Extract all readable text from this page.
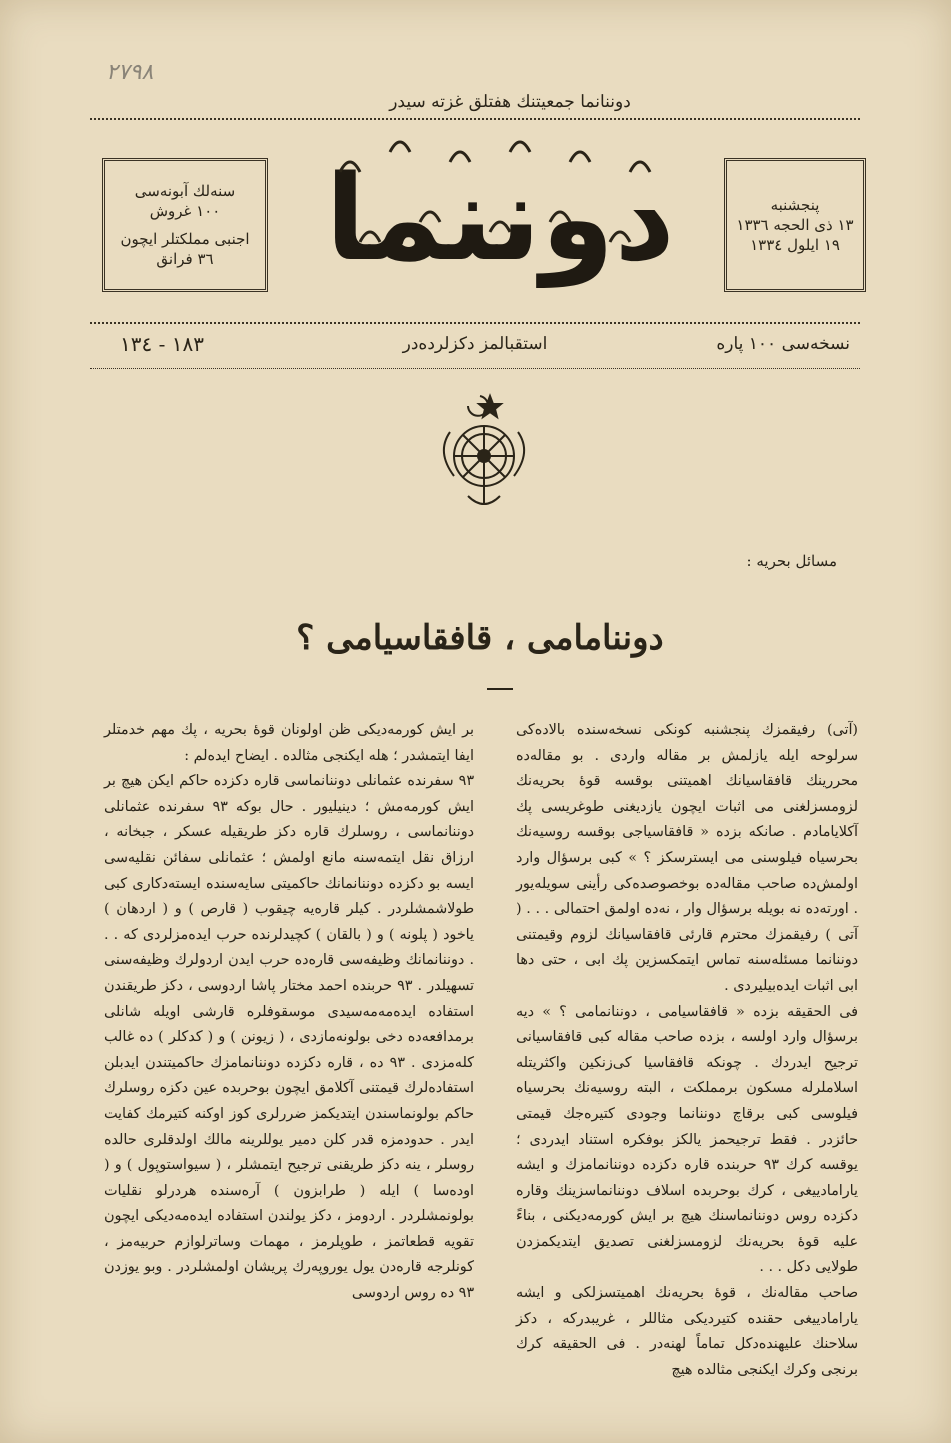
۲۷۹۸
دوننانما جمعيتنك هفتلق غزته سيدر
سنه‌لك آبونه‌سى
١٠٠ غروش
اجنبى مملكتلر ايچون
٣٦ فرانق دوننما	پنجشنبه
١٣ ذى الحجه ١٣٣٦
١٩ ايلول ١٣٣٤
نسخه‌سى ١٠٠ پاره
استقبالمز دكزلرده‌در
١٨٣ - ١٣٤
مسائل بحريه :
دوننامامى ، قافقاسيامى ؟

(آتى) رفيقمزك پنجشنبه كونكى نسخه‌سنده بالاده‌كى سرلوحه ايله يازلمش بر مقاله واردى . بو مقاله‌ده محررينك قافقاسيانك اهميتنى بوقسه قوۀ بحريه‌نك لزومسزلغنى مى اثبات ايچون يازديغنى طوغريسى پك آكلايامادم . صانكه بزده « قافقاسياجى بوقسه روسيه‌نك بحرسياه فيلوسنى مى ايسترسكز ؟ » كبى برسؤال وارد اولمش‌ده صاحب مقاله‌ده بوخصوصده‌كى رأينى سويله‌يور . اورته‌ده نه بويله برسؤال وار ، نه‌ده اولمق احتمالى . . . ( آتى ) رفيقمزك محترم قارئى قافقاسيانك لزوم وقيمتنى دوننانما مسئله‌سنه تماس ايتمكسزين پك ابى ، حتى دها ابى اثبات ايده‌بيليردى .

فى الحقيقه بزده « قافقاسيامى ، دوننانمامى ؟ » ديه برسؤال وارد اولسه ، بزده صاحب مقاله كبى قافقاسيانى ترجيح ايدردك . چونكه قافقاسيا كى‌زنكين واكثريتله اسلاملرله مسكون برمملكت ، البته روسيه‌نك بحرسياه فيلوسى كبى برقاچ دوننانما وجودى كتيره‌جك قيمتى حائزدر . فقط ترجيحمز يالكز بوفكره استناد ايدردى ؛ يوقسه كرك ٩٣ حربنده قاره دكزده دوننانمامزك و ايشه يارامادييغى ، كرك بوحربده اسلاف دوننانماسزينك وقاره دكزده روس دوننانماسنك هيچ بر ايش كورمه‌ديكنى ، بناءً عليه قوۀ بحريه‌نك لزومسزلغنى تصديق ايتديكمزدن طولايى دكل . . .

صاحب مقاله‌نك ، قوۀ بحريه‌نك اهميتسزلكى و ايشه يارامادييغى حقنده كتيرديكى مثاللر ، غريبدركه ، دكز سلاحنك عليهنده‌دكل تماماً لهنه‌در . فى الحقيقه كرك برنجى وكرك ايكنجى مثالده هيچ

بر ايش كورمه‌ديكى ظن اولونان قوۀ بحريه ، پك مهم خدمتلر ايفا ايتمشدر ؛ هله ايكنجى مثالده . ايضاح ايده‌لم :

٩٣ سفرنده عثمانلى دوننانماسى قاره دكزده حاكم ايكن هيچ بر ايش كورمه‌مش ؛ دينيليور . حال بوكه ٩٣ سفرنده عثمانلى دوننانماسى ، روسلرك قاره دكز طريقيله عسكر ، جبخانه ، ارزاق نقل ايتمه‌سنه مانع اولمش ؛ عثمانلى سفائن نقليه‌سى ايسه بو دكزده دوننانمانك حاكميتى سايه‌سنده ايسته‌دكارى كبى طولاشمشلردر . كيلر قاره‌يه چيقوب ( قارص ) و ( اردهان ) ياخود ( پلونه ) و ( بالقان ) كچيدلرنده حرب ايده‌مزلردى كه . . . دوننانمانك وظيفه‌سى قاره‌ده حرب ايدن اردولرك وظيفه‌سنى تسهيلدر . ٩٣ حربنده احمد مختار پاشا اردوسى ، دكز طريقندن استفاده ايده‌مه‌مه‌سيدى موسقوفلره قارشى اويله شانلى برمدافعه‌ده دخى بولونه‌مازدى ، ( زيونن ) و ( كدكلر ) ده غالب كله‌مزدى . ٩٣ ده ، قاره دكزده دوننانمامزك حاكميتندن ايدبلن استفاده‌لرك قيمتنى آكلامق ايچون بوحربده عين دكزه روسلرك حاكم بولونماسندن ايتديكمز ضررلرى كوز اوكنه كتيرمك كفايت ايدر . حدودمزه قدر كلن دمير يوللرينه مالك اولدقلرى حالده روسلر ، ينه دكز طريقنى ترجيح ايتمشلر ، ( سيواستوپول ) و ( اوده‌سا ) ايله ( طرابزون ) آره‌سنده هردرلو نقليات بولونمشلردر . اردومز ، دكز يولندن استفاده ايده‌مه‌ديكى ايچون تقويه قطعاتمز ، طوپلرمز ، مهمات وساترلوازم حربيه‌مز ، كونلرجه قاره‌دن يول يوروپه‌رك پريشان اولمشلردر . وبو يوزدن ٩٣ ده روس اردوسى
